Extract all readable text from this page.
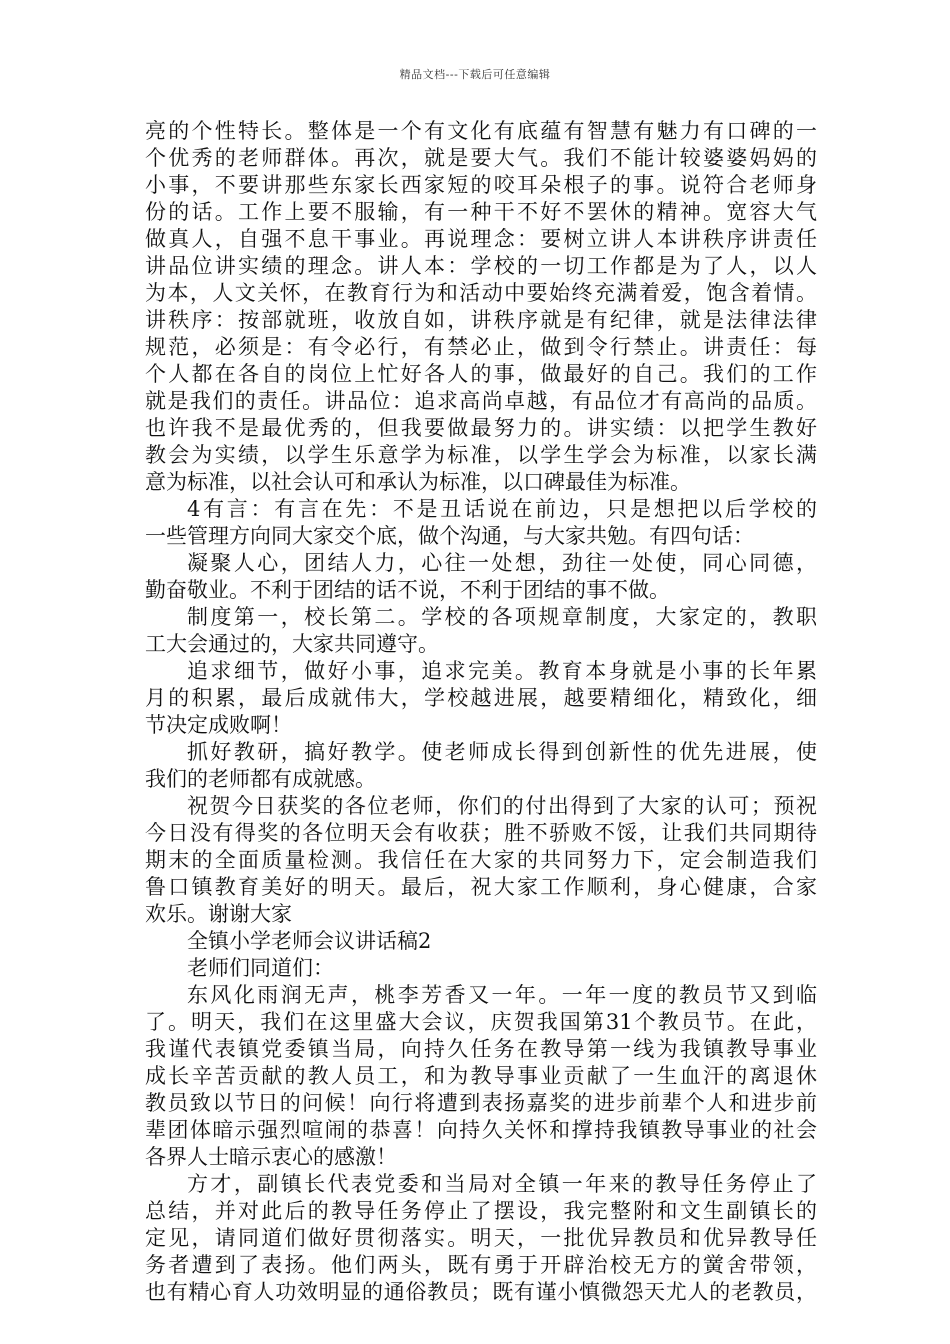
精品文档---下载后可任意编辑
亮的个性特长。整体是一个有文化有底蕴有智慧有魅力有口碑的一
个优秀的老师群体。再次，就是要大气。我们不能计较婆婆妈妈的
小事，不要讲那些东家长西家短的咬耳朵根子的事。说符合老师身
份的话。工作上要不服输，有一种干不好不罢休的精神。宽容大气
做真人，自强不息干事业。再说理念：要树立讲人本讲秩序讲责任
讲品位讲实绩的理念。讲人本：学校的一切工作都是为了人，以人
为本，人文关怀，在教育行为和活动中要始终充满着爱，饱含着情。
讲秩序：按部就班，收放自如，讲秩序就是有纪律，就是法律法律
规范，必须是：有令必行，有禁必止，做到令行禁止。讲责任：每
个人都在各自的岗位上忙好各人的事，做最好的自己。我们的工作
就是我们的责任。讲品位：追求高尚卓越，有品位才有高尚的品质。
也许我不是最优秀的，但我要做最努力的。讲实绩：以把学生教好
教会为实绩，以学生乐意学为标准，以学生学会为标准，以家长满
意为标准，以社会认可和承认为标准，以口碑最佳为标准。
4有言：有言在先：不是丑话说在前边，只是想把以后学校的
一些管理方向同大家交个底，做个沟通，与大家共勉。有四句话：
凝聚人心，团结人力，心往一处想，劲往一处使，同心同德，
勤奋敬业。不利于团结的话不说，不利于团结的事不做。
制度第一，校长第二。学校的各项规章制度，大家定的，教职
工大会通过的，大家共同遵守。
追求细节，做好小事，追求完美。教育本身就是小事的长年累
月的积累，最后成就伟大，学校越进展，越要精细化，精致化，细
节决定成败啊！
抓好教研，搞好教学。使老师成长得到创新性的优先进展，使
我们的老师都有成就感。
祝贺今日获奖的各位老师，你们的付出得到了大家的认可；预祝
今日没有得奖的各位明天会有收获；胜不骄败不馁，让我们共同期待
期末的全面质量检测。我信任在大家的共同努力下，定会制造我们
鲁口镇教育美好的明天。最后，祝大家工作顺利，身心健康，合家
欢乐。谢谢大家
全镇小学老师会议讲话稿2
老师们同道们：
东风化雨润无声，桃李芳香又一年。一年一度的教员节又到临
了。明天，我们在这里盛大会议，庆贺我国第31个教员节。在此，
我谨代表镇党委镇当局，向持久任务在教导第一线为我镇教导事业
成长辛苦贡献的教人员工，和为教导事业贡献了一生血汗的离退休
教员致以节日的问候！向行将遭到表扬嘉奖的进步前辈个人和进步前
辈团体暗示强烈喧闹的恭喜！向持久关怀和撑持我镇教导事业的社会
各界人士暗示衷心的感激！
方才，副镇长代表党委和当局对全镇一年来的教导任务停止了
总结，并对此后的教导任务停止了摆设，我完整附和文生副镇长的
定见，请同道们做好贯彻落实。明天，一批优异教员和优异教导任
务者遭到了表扬。他们两头，既有勇于开辟治校无方的黉舍带领，
也有精心育人功效明显的通俗教员；既有谨小慎微怨天尤人的老教员，
